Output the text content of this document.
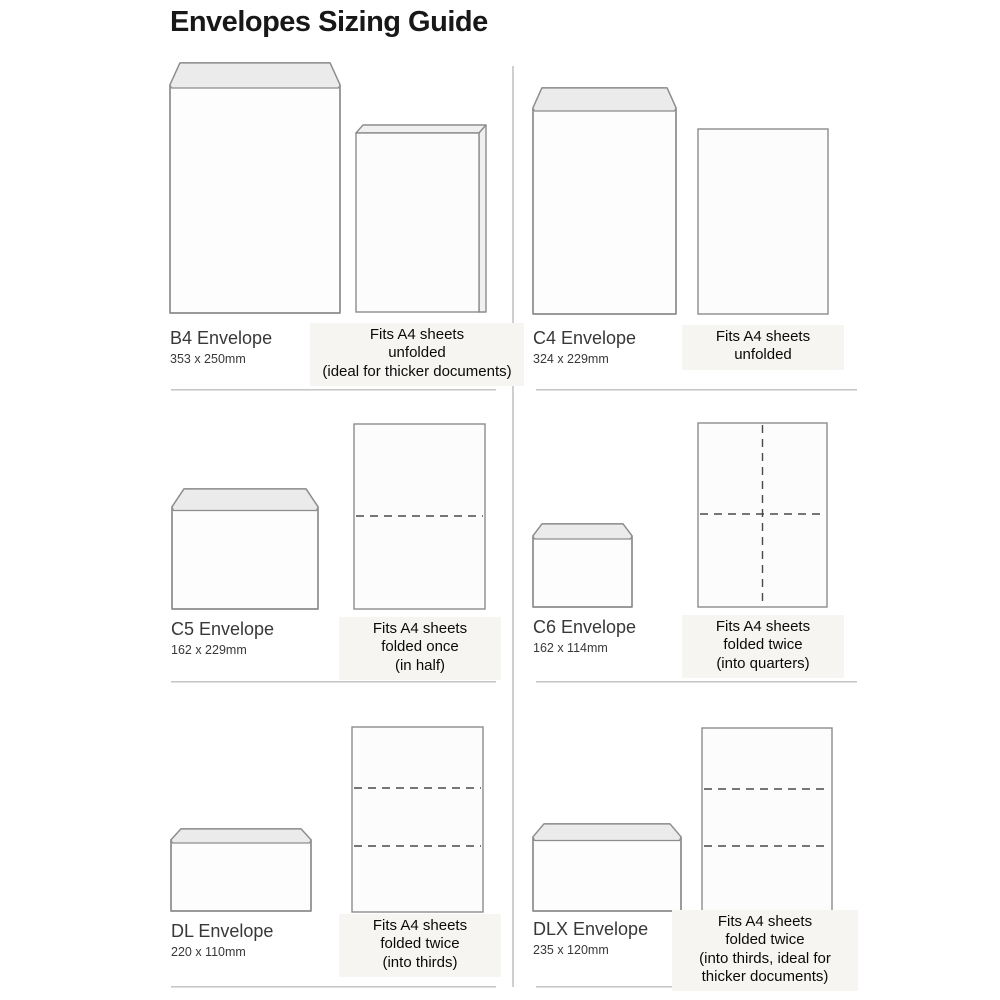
Envelopes Sizing Guide
B4 Envelope
353 x 250mm
Fits A4 sheets
unfolded
(ideal for thicker documents)
C4 Envelope
324 x 229mm
Fits A4 sheets
unfolded
C5 Envelope
162 x 229mm
Fits A4 sheets
folded once
(in half)
C6 Envelope
162 x 114mm
Fits A4 sheets
folded twice
(into quarters)
DL Envelope
220 x 110mm
Fits A4 sheets
folded twice
(into thirds)
DLX Envelope
235 x 120mm
Fits A4 sheets
folded twice
(into thirds, ideal for
thicker documents)
